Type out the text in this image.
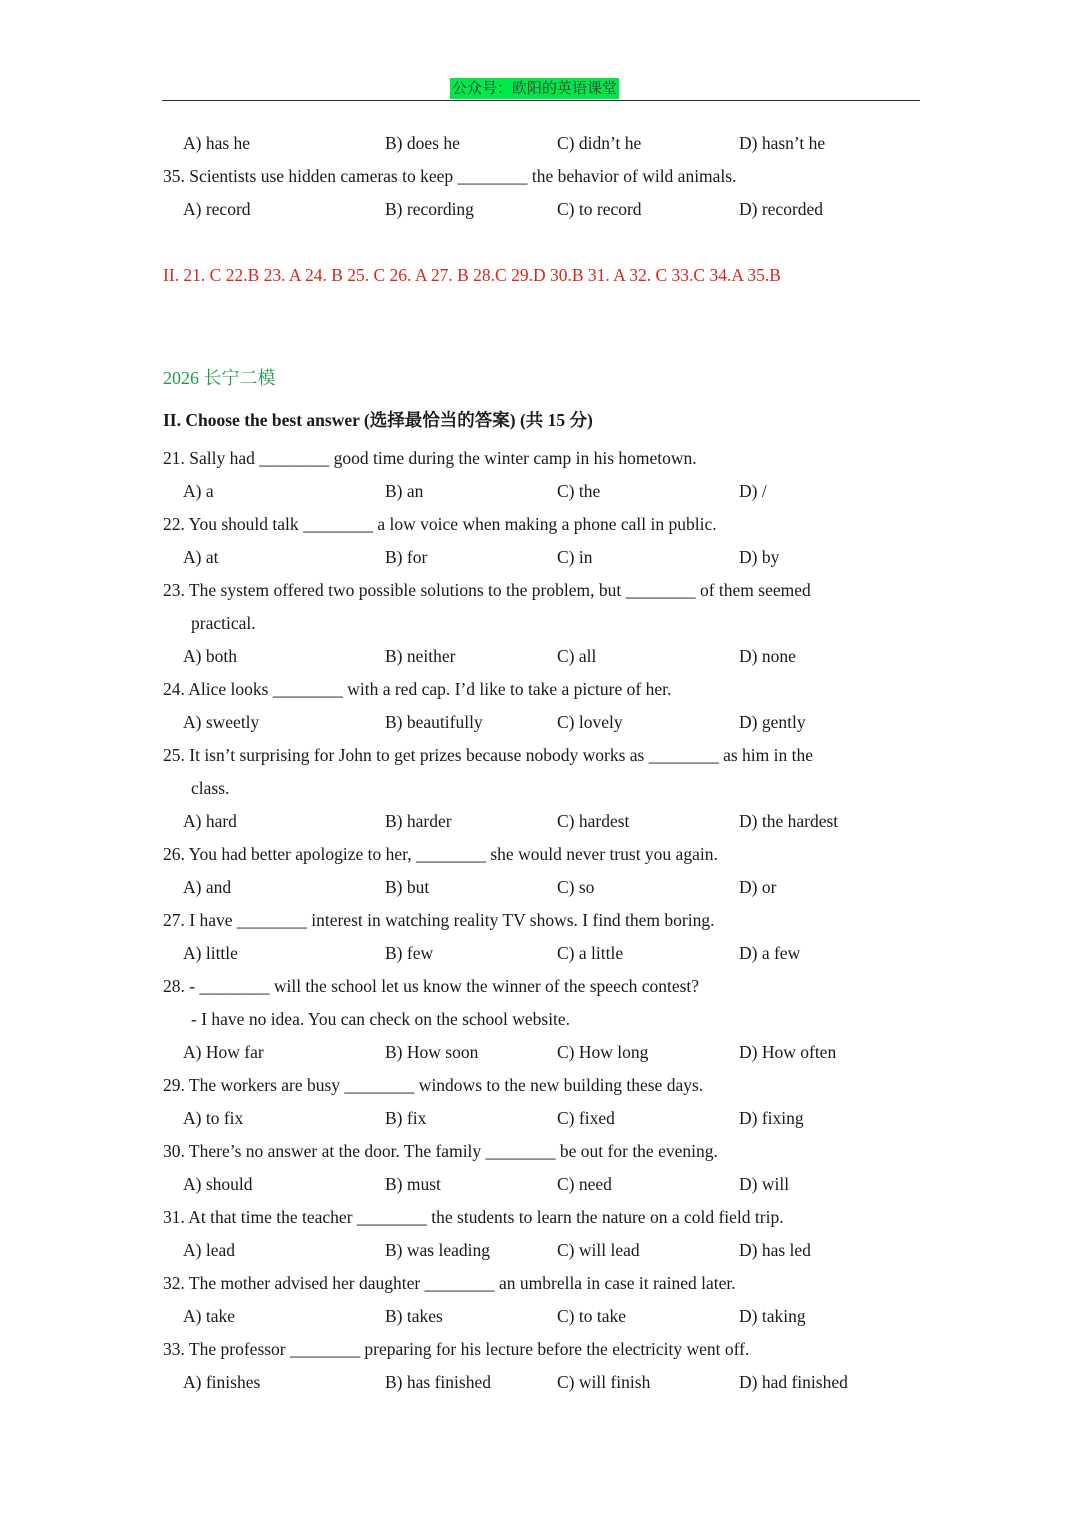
公众号：欧阳的英语课堂
A) has he	B) does he	C) didn’t he	D) hasn’t he
35. Scientists use hidden cameras to keep ________ the behavior of wild animals.
A) record	B) recording	C) to record	D) recorded
II. 21. C 22.B 23. A 24. B 25. C 26. A 27. B 28.C 29.D 30.B 31. A 32. C 33.C 34.A 35.B
2026 长宁二模
II. Choose the best answer (选择最恰当的答案) (共 15 分)
21. Sally had ________ good time during the winter camp in his hometown.
A) a	B) an	C) the	D) /
22. You should talk ________ a low voice when making a phone call in public.
A) at	B) for	C) in	D) by
23. The system offered two possible solutions to the problem, but ________ of them seemed
practical.
A) both	B) neither	C) all	D) none
24. Alice looks ________ with a red cap. I’d like to take a picture of her.
A) sweetly	B) beautifully	C) lovely	D) gently
25. It isn’t surprising for John to get prizes because nobody works as ________ as him in the
class.
A) hard	B) harder	C) hardest	D) the hardest
26. You had better apologize to her, ________ she would never trust you again.
A) and	B) but	C) so	D) or
27. I have ________ interest in watching reality TV shows. I find them boring.
A) little	B) few	C) a little	D) a few
28. - ________ will the school let us know the winner of the speech contest?
- I have no idea. You can check on the school website.
A) How far	B) How soon	C) How long	D) How often
29. The workers are busy ________ windows to the new building these days.
A) to fix	B) fix	C) fixed	D) fixing
30. There’s no answer at the door. The family ________ be out for the evening.
A) should	B) must	C) need	D) will
31. At that time the teacher ________ the students to learn the nature on a cold field trip.
A) lead	B) was leading	C) will lead	D) has led
32. The mother advised her daughter ________ an umbrella in case it rained later.
A) take	B) takes	C) to take	D) taking
33. The professor ________ preparing for his lecture before the electricity went off.
A) finishes	B) has finished	C) will finish	D) had finished
